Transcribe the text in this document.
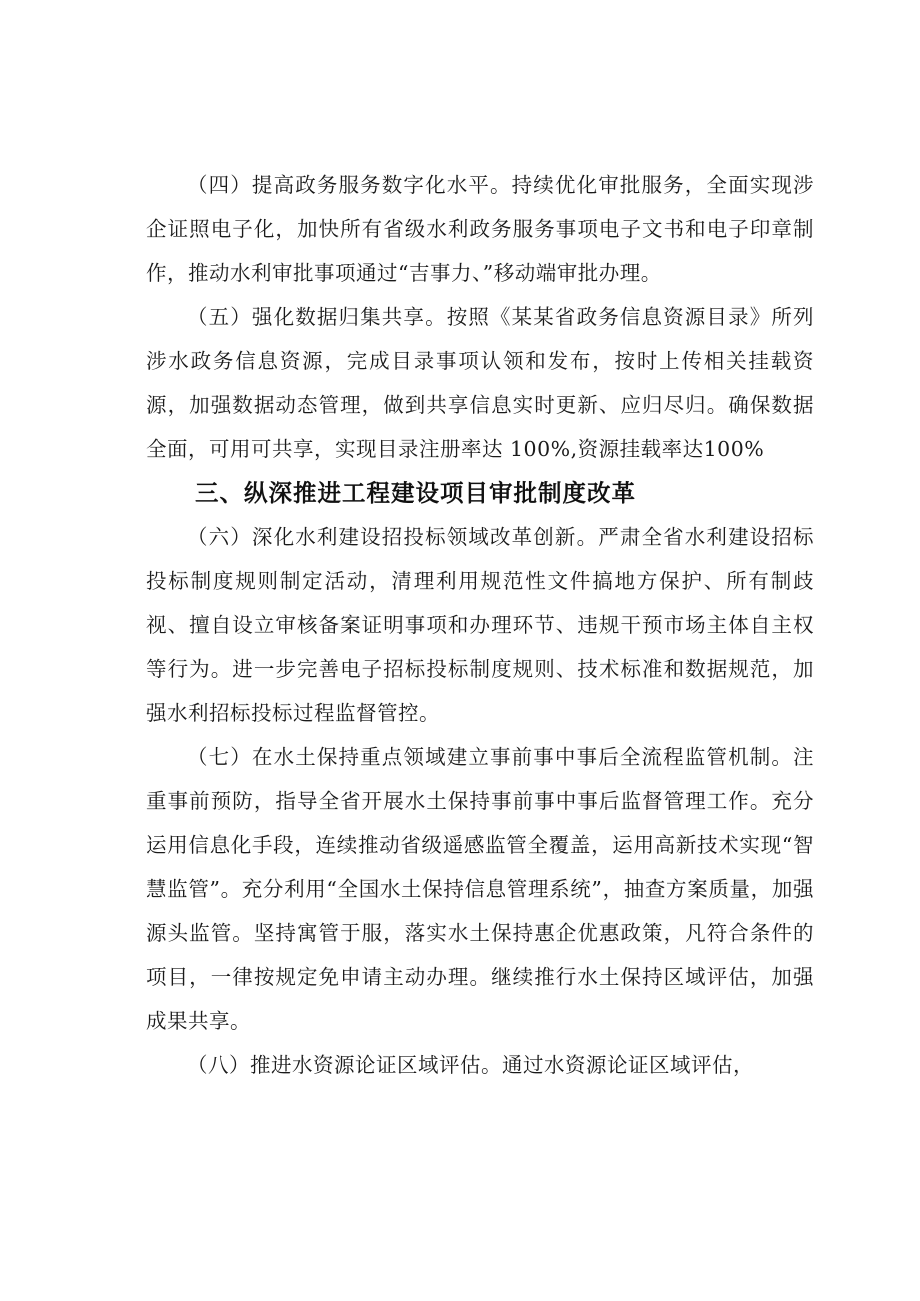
（四）提高政务服务数字化水平。持续优化审批服务，全面实现涉企证照电子化，加快所有省级水利政务服务事项电子文书和电子印章制作，推动水利审批事项通过“吉事力、”移动端审批办理。

（五）强化数据归集共享。按照《某某省政务信息资源目录》所列涉水政务信息资源，完成目录事项认领和发布，按时上传相关挂载资源，加强数据动态管理，做到共享信息实时更新、应归尽归。确保数据全面，可用可共享，实现目录注册率达 100%,资源挂载率达100%

三、纵深推进工程建设项目审批制度改革

（六）深化水利建设招投标领域改革创新。严肃全省水利建设招标投标制度规则制定活动，清理利用规范性文件搞地方保护、所有制歧视、擅自设立审核备案证明事项和办理环节、违规干预市场主体自主权等行为。进一步完善电子招标投标制度规则、技术标准和数据规范，加强水利招标投标过程监督管控。

（七）在水土保持重点领域建立事前事中事后全流程监管机制。注重事前预防，指导全省开展水土保持事前事中事后监督管理工作。充分运用信息化手段，连续推动省级遥感监管全覆盖，运用高新技术实现“智慧监管”。充分利用“全国水土保持信息管理系统”，抽查方案质量，加强源头监管。坚持寓管于服，落实水土保持惠企优惠政策，凡符合条件的项目，一律按规定免申请主动办理。继续推行水土保持区域评估，加强成果共享。

（八）推进水资源论证区域评估。通过水资源论证区域评估，
